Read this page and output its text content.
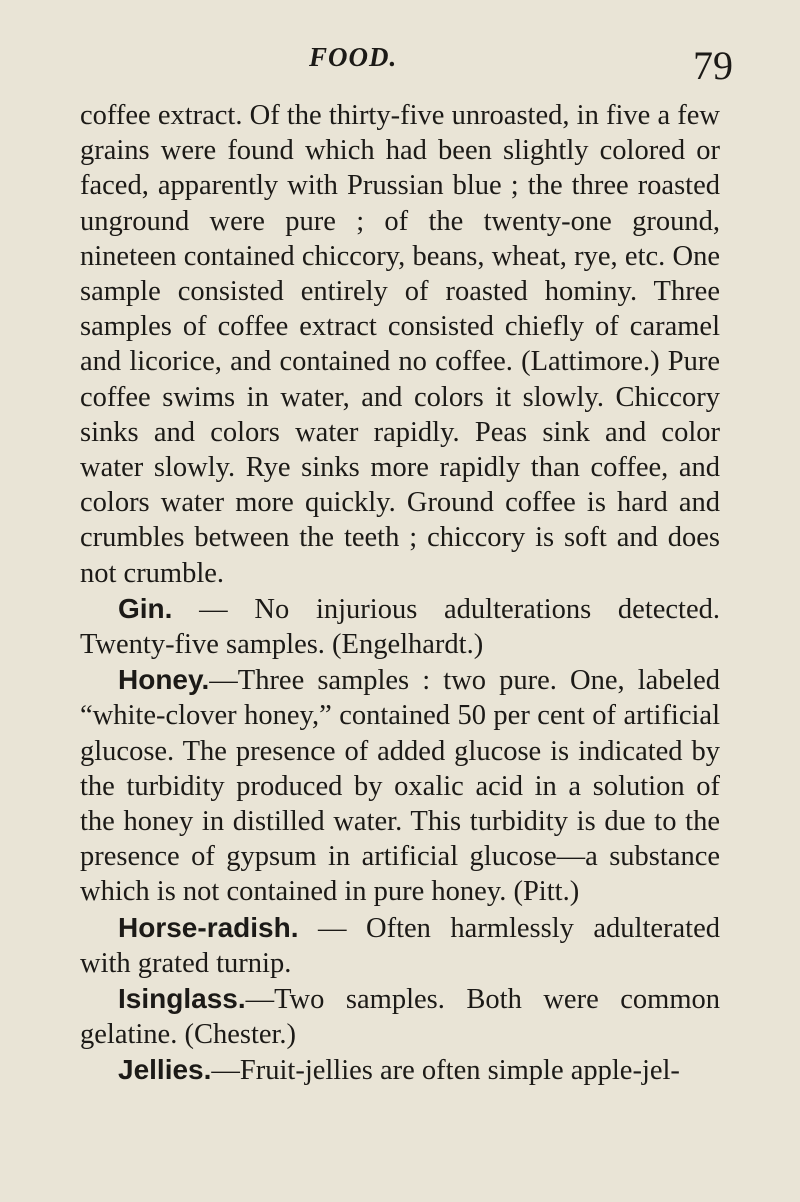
FOOD.	79

coffee extract. Of the thirty-five unroasted, in five a few grains were found which had been slightly colored or faced, apparently with Prussian blue ; the three roasted unground were pure ; of the twenty-one ground, nineteen contained chiccory, beans, wheat, rye, etc. One sample consisted entirely of roasted hominy. Three samples of coffee extract consisted chiefly of caramel and licorice, and contained no coffee. (Lattimore.) Pure coffee swims in water, and colors it slowly. Chiccory sinks and colors water rapidly. Peas sink and color water slowly. Rye sinks more rapidly than coffee, and colors water more quickly. Ground coffee is hard and crumbles between the teeth ; chiccory is soft and does not crumble.

Gin. — No injurious adulterations detected. Twenty-five samples. (Engelhardt.)

Honey.—Three samples : two pure. One, labeled “white-clover honey,” contained 50 per cent of artificial glucose. The presence of added glucose is indicated by the turbidity produced by oxalic acid in a solution of the honey in distilled water. This turbidity is due to the presence of gypsum in artificial glucose—a substance which is not contained in pure honey. (Pitt.)

Horse-radish. — Often harmlessly adulterated with grated turnip.

Isinglass.—Two samples. Both were common gelatine. (Chester.)

Jellies.—Fruit-jellies are often simple apple-jel-
